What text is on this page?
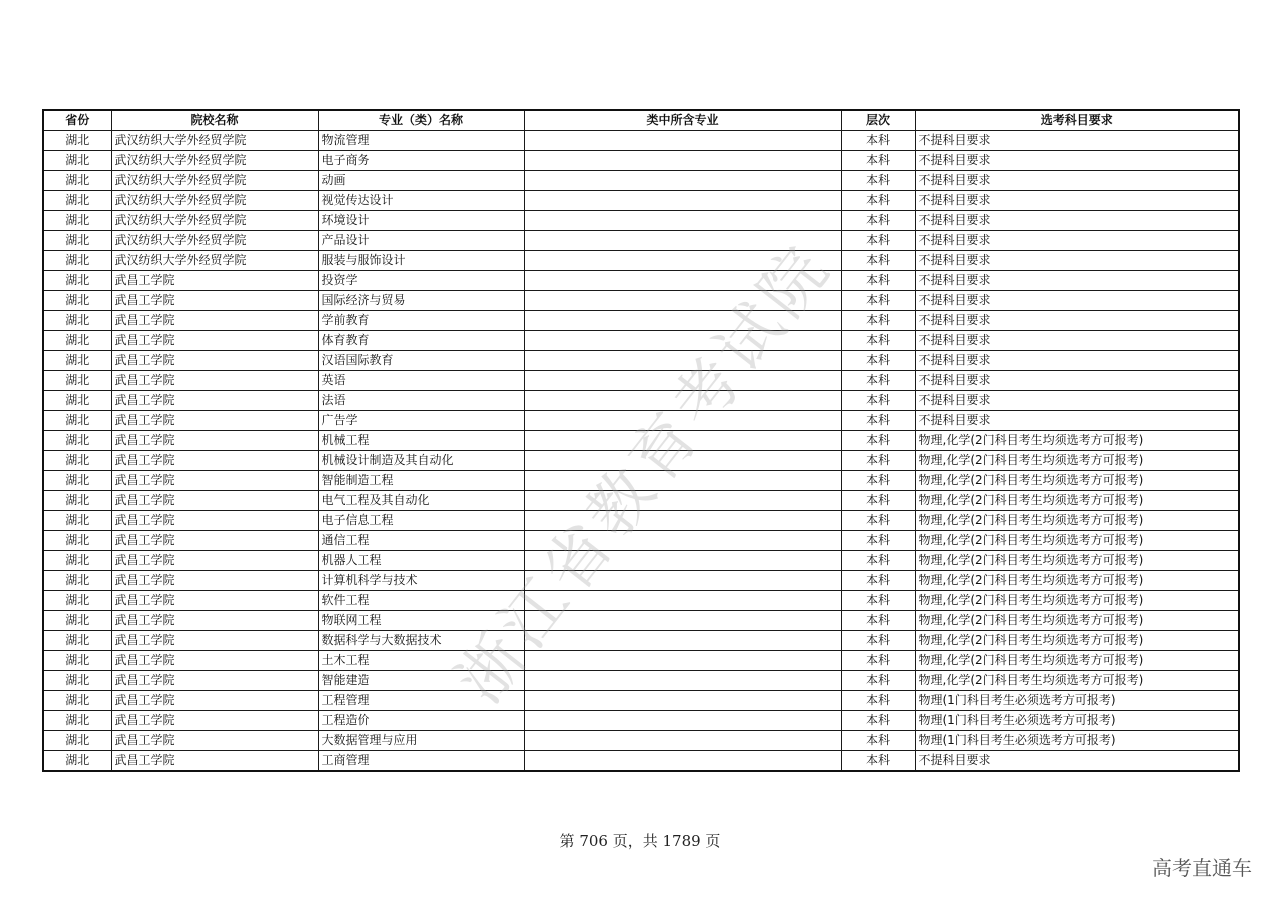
省份	院校名称	专业（类）名称	类中所含专业	层次	选考科目要求
湖北	武汉纺织大学外经贸学院	物流管理		本科	不提科目要求
湖北	武汉纺织大学外经贸学院	电子商务		本科	不提科目要求
湖北	武汉纺织大学外经贸学院	动画		本科	不提科目要求
湖北	武汉纺织大学外经贸学院	视觉传达设计		本科	不提科目要求
湖北	武汉纺织大学外经贸学院	环境设计		本科	不提科目要求
湖北	武汉纺织大学外经贸学院	产品设计		本科	不提科目要求
湖北	武汉纺织大学外经贸学院	服装与服饰设计		本科	不提科目要求
湖北	武昌工学院	投资学		本科	不提科目要求
湖北	武昌工学院	国际经济与贸易		本科	不提科目要求
湖北	武昌工学院	学前教育		本科	不提科目要求
湖北	武昌工学院	体育教育		本科	不提科目要求
湖北	武昌工学院	汉语国际教育		本科	不提科目要求
湖北	武昌工学院	英语		本科	不提科目要求
湖北	武昌工学院	法语		本科	不提科目要求
湖北	武昌工学院	广告学		本科	不提科目要求
湖北	武昌工学院	机械工程		本科	物理,化学(2门科目考生均须选考方可报考)
湖北	武昌工学院	机械设计制造及其自动化		本科	物理,化学(2门科目考生均须选考方可报考)
湖北	武昌工学院	智能制造工程		本科	物理,化学(2门科目考生均须选考方可报考)
湖北	武昌工学院	电气工程及其自动化		本科	物理,化学(2门科目考生均须选考方可报考)
湖北	武昌工学院	电子信息工程		本科	物理,化学(2门科目考生均须选考方可报考)
湖北	武昌工学院	通信工程		本科	物理,化学(2门科目考生均须选考方可报考)
湖北	武昌工学院	机器人工程		本科	物理,化学(2门科目考生均须选考方可报考)
湖北	武昌工学院	计算机科学与技术		本科	物理,化学(2门科目考生均须选考方可报考)
湖北	武昌工学院	软件工程		本科	物理,化学(2门科目考生均须选考方可报考)
湖北	武昌工学院	物联网工程		本科	物理,化学(2门科目考生均须选考方可报考)
湖北	武昌工学院	数据科学与大数据技术		本科	物理,化学(2门科目考生均须选考方可报考)
湖北	武昌工学院	土木工程		本科	物理,化学(2门科目考生均须选考方可报考)
湖北	武昌工学院	智能建造		本科	物理,化学(2门科目考生均须选考方可报考)
湖北	武昌工学院	工程管理		本科	物理(1门科目考生必须选考方可报考)
湖北	武昌工学院	工程造价		本科	物理(1门科目考生必须选考方可报考)
湖北	武昌工学院	大数据管理与应用		本科	物理(1门科目考生必须选考方可报考)
湖北	武昌工学院	工商管理		本科	不提科目要求
浙江省教育考试院
第 706 页，共 1789 页
高考直通车
